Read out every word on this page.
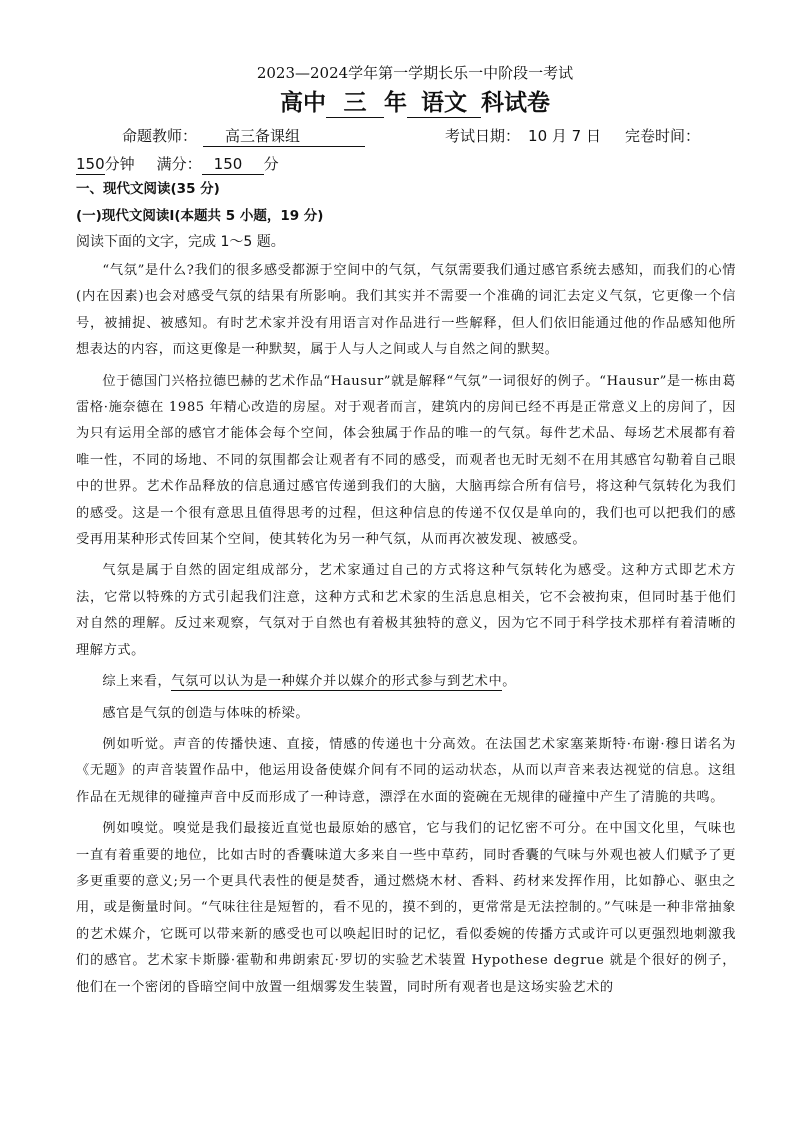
2023—2024学年第一学期长乐一中阶段一考试
高中 三 年 语文 科试卷
命题教师： 高三备课组	考试日期： 10 月 7 日 完卷时间：
150分钟 满分： 150 分
一、现代文阅读(35 分)
(一)现代文阅读Ⅰ(本题共 5 小题，19 分)
阅读下面的文字，完成 1～5 题。

“气氛”是什么?我们的很多感受都源于空间中的气氛，气氛需要我们通过感官系统去感知，而我们的心情(内在因素)也会对感受气氛的结果有所影响。我们其实并不需要一个准确的词汇去定义气氛，它更像一个信号，被捕捉、被感知。有时艺术家并没有用语言对作品进行一些解释，但人们依旧能通过他的作品感知他所想表达的内容，而这更像是一种默契，属于人与人之间或人与自然之间的默契。

位于德国门兴格拉德巴赫的艺术作品“Hausur”就是解释“气氛”一词很好的例子。“Hausur”是一栋由葛雷格·施奈德在 1985 年精心改造的房屋。对于观者而言，建筑内的房间已经不再是正常意义上的房间了，因为只有运用全部的感官才能体会每个空间，体会独属于作品的唯一的气氛。每件艺术品、每场艺术展都有着唯一性，不同的场地、不同的氛围都会让观者有不同的感受，而观者也无时无刻不在用其感官勾勒着自己眼中的世界。艺术作品释放的信息通过感官传递到我们的大脑，大脑再综合所有信号，将这种气氛转化为我们的感受。这是一个很有意思且值得思考的过程，但这种信息的传递不仅仅是单向的，我们也可以把我们的感受再用某种形式传回某个空间，使其转化为另一种气氛，从而再次被发现、被感受。

气氛是属于自然的固定组成部分，艺术家通过自己的方式将这种气氛转化为感受。这种方式即艺术方法，它常以特殊的方式引起我们注意，这种方式和艺术家的生活息息相关，它不会被拘束，但同时基于他们对自然的理解。反过来观察，气氛对于自然也有着极其独特的意义，因为它不同于科学技术那样有着清晰的理解方式。

综上来看，气氛可以认为是一种媒介并以媒介的形式参与到艺术中。

感官是气氛的创造与体味的桥梁。

例如听觉。声音的传播快速、直接，情感的传递也十分高效。在法国艺术家塞莱斯特·布谢·穆日诺名为《无题》的声音装置作品中，他运用设备使媒介间有不同的运动状态，从而以声音来表达视觉的信息。这组作品在无规律的碰撞声音中反而形成了一种诗意，漂浮在水面的瓷碗在无规律的碰撞中产生了清脆的共鸣。

例如嗅觉。嗅觉是我们最接近直觉也最原始的感官，它与我们的记忆密不可分。在中国文化里，气味也一直有着重要的地位，比如古时的香囊味道大多来自一些中草药，同时香囊的气味与外观也被人们赋予了更多更重要的意义;另一个更具代表性的便是焚香，通过燃烧木材、香料、药材来发挥作用，比如静心、驱虫之用，或是衡量时间。“气味往往是短暂的，看不见的，摸不到的，更常常是无法控制的。”气味是一种非常抽象的艺术媒介，它既可以带来新的感受也可以唤起旧时的记忆，看似委婉的传播方式或许可以更强烈地刺激我们的感官。艺术家卡斯滕·霍勒和弗朗索瓦·罗切的实验艺术装置 Hypothese degrue 就是个很好的例子，他们在一个密闭的昏暗空间中放置一组烟雾发生装置，同时所有观者也是这场实验艺术的
